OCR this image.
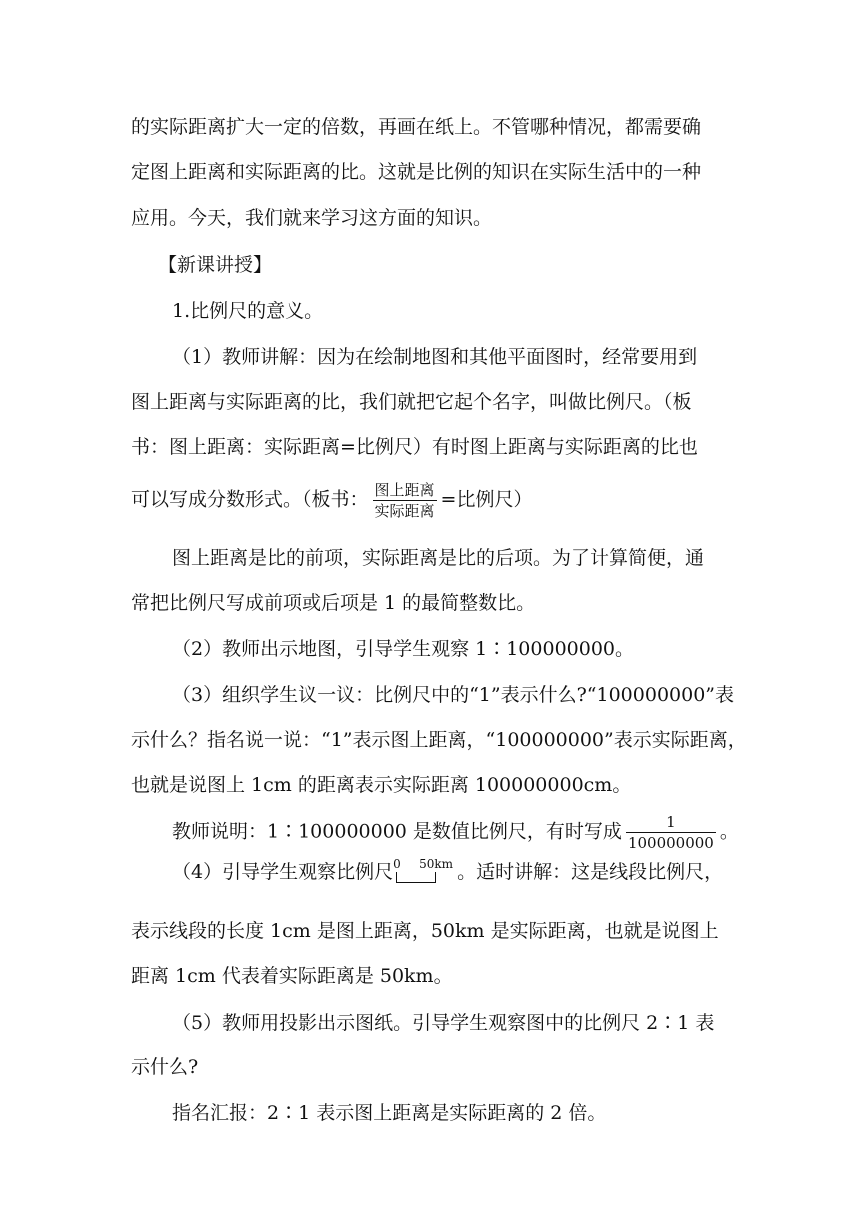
的实际距离扩大一定的倍数，再画在纸上。不管哪种情况，都需要确
定图上距离和实际距离的比。这就是比例的知识在实际生活中的一种
应用。今天，我们就来学习这方面的知识。
【新课讲授】
1.比例尺的意义。
（1）教师讲解：因为在绘制地图和其他平面图时，经常要用到
图上距离与实际距离的比，我们就把它起个名字，叫做比例尺。（板
书：图上距离：实际距离=比例尺）有时图上距离与实际距离的比也
可以写成分数形式。（板书： $\frac{\text{图上距离}}{\text{实际距离}}$ =比例尺）
图上距离是比的前项，实际距离是比的后项。为了计算简便，通
常把比例尺写成前项或后项是 1 的最简整数比。
（2）教师出示地图，引导学生观察 1∶100000000。
（3）组织学生议一议：比例尺中的“1”表示什么?“100000000”表
示什么？指名说一说：“1”表示图上距离，“100000000”表示实际距离，
也就是说图上 1cm 的距离表示实际距离 100000000cm。
教师说明：1∶100000000 是数值比例尺，有时写成 $\frac{1}{100000000}$ 。
（4）引导学生观察比例尺 0 50km 。适时讲解：这是线段比例尺，
表示线段的长度 1cm 是图上距离，50km 是实际距离，也就是说图上
距离 1cm 代表着实际距离是 50km。
（5）教师用投影出示图纸。引导学生观察图中的比例尺 2∶1 表
示什么?
指名汇报：2∶1 表示图上距离是实际距离的 2 倍。
